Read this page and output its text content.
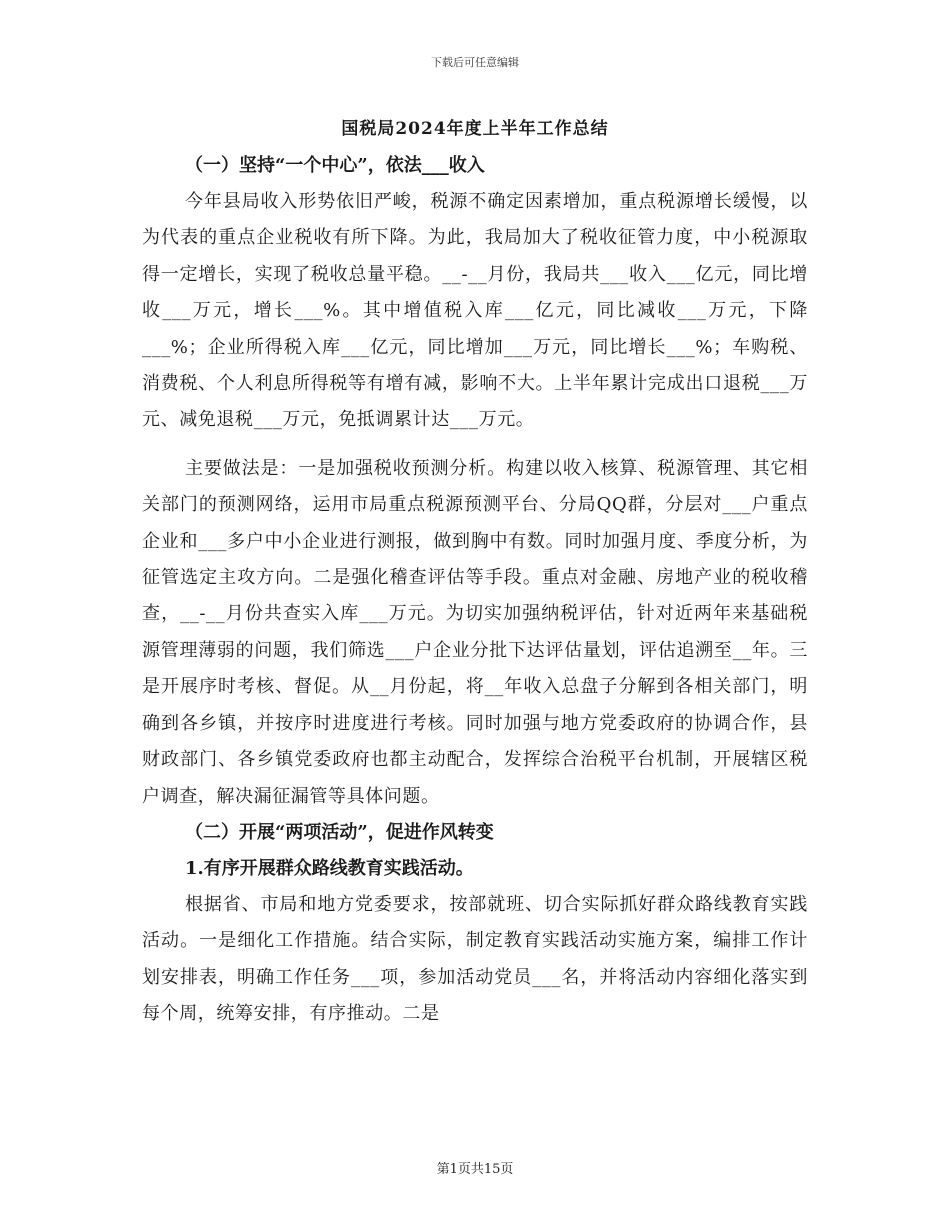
下载后可任意编辑
国税局2024年度上半年工作总结

（一）坚持“一个中心”，依法___收入

今年县局收入形势依旧严峻，税源不确定因素增加，重点税源增长缓慢，以为代表的重点企业税收有所下降。为此，我局加大了税收征管力度，中小税源取得一定增长，实现了税收总量平稳。__-__月份，我局共___收入___亿元，同比增收___万元，增长___%。其中增值税入库___亿元，同比减收___万元，下降___%；企业所得税入库___亿元，同比增加___万元，同比增长___%；车购税、消费税、个人利息所得税等有增有减，影响不大。上半年累计完成出口退税___万元、减免退税___万元，免抵调累计达___万元。

主要做法是：一是加强税收预测分析。构建以收入核算、税源管理、其它相关部门的预测网络，运用市局重点税源预测平台、分局QQ群，分层对___户重点企业和___多户中小企业进行测报，做到胸中有数。同时加强月度、季度分析，为征管选定主攻方向。二是强化稽查评估等手段。重点对金融、房地产业的税收稽查，__-__月份共查实入库___万元。为切实加强纳税评估，针对近两年来基础税源管理薄弱的问题，我们筛选___户企业分批下达评估量划，评估追溯至__年。三是开展序时考核、督促。从__月份起，将__年收入总盘子分解到各相关部门，明确到各乡镇，并按序时进度进行考核。同时加强与地方党委政府的协调合作，县财政部门、各乡镇党委政府也都主动配合，发挥综合治税平台机制，开展辖区税户调查，解决漏征漏管等具体问题。

（二）开展“两项活动”，促进作风转变

1.有序开展群众路线教育实践活动。

根据省、市局和地方党委要求，按部就班、切合实际抓好群众路线教育实践活动。一是细化工作措施。结合实际，制定教育实践活动实施方案，编排工作计划安排表，明确工作任务___项，参加活动党员___名，并将活动内容细化落实到每个周，统筹安排，有序推动。二是

第1页共15页
